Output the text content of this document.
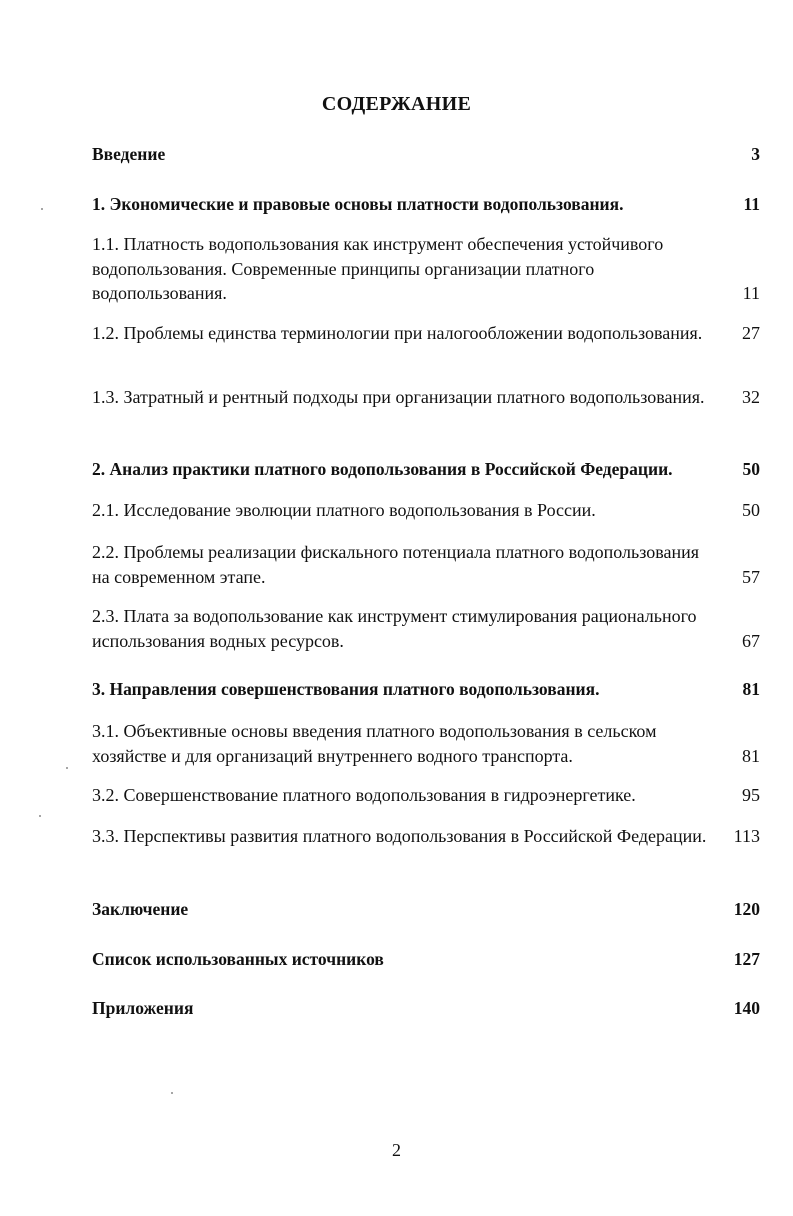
СОДЕРЖАНИЕ
Введение	3
1. Экономические и правовые основы платности водопользования.	11
1.1. Платность водопользования как инструмент обеспечения устойчивого водопользования. Современные принципы организации платного водопользования.	11
1.2. Проблемы единства терминологии при налогообложении водопользования.	27
1.3. Затратный и рентный подходы при организации платного водопользования.	32
2. Анализ практики платного водопользования в Российской Федерации.	50
2.1. Исследование эволюции платного водопользования в России.	50
2.2. Проблемы реализации фискального потенциала платного водопользования на современном этапе.	57
2.3. Плата за водопользование как инструмент стимулирования рационального использования водных ресурсов.	67
3. Направления совершенствования платного водопользования.	81
3.1. Объективные основы введения платного водопользования в сельском хозяйстве и для организаций внутреннего водного транспорта.	81
3.2. Совершенствование платного водопользования в гидроэнергетике.	95
3.3. Перспективы развития платного водопользования в Российской Федерации.	113
Заключение	120
Список использованных источников	127
Приложения	140
2
